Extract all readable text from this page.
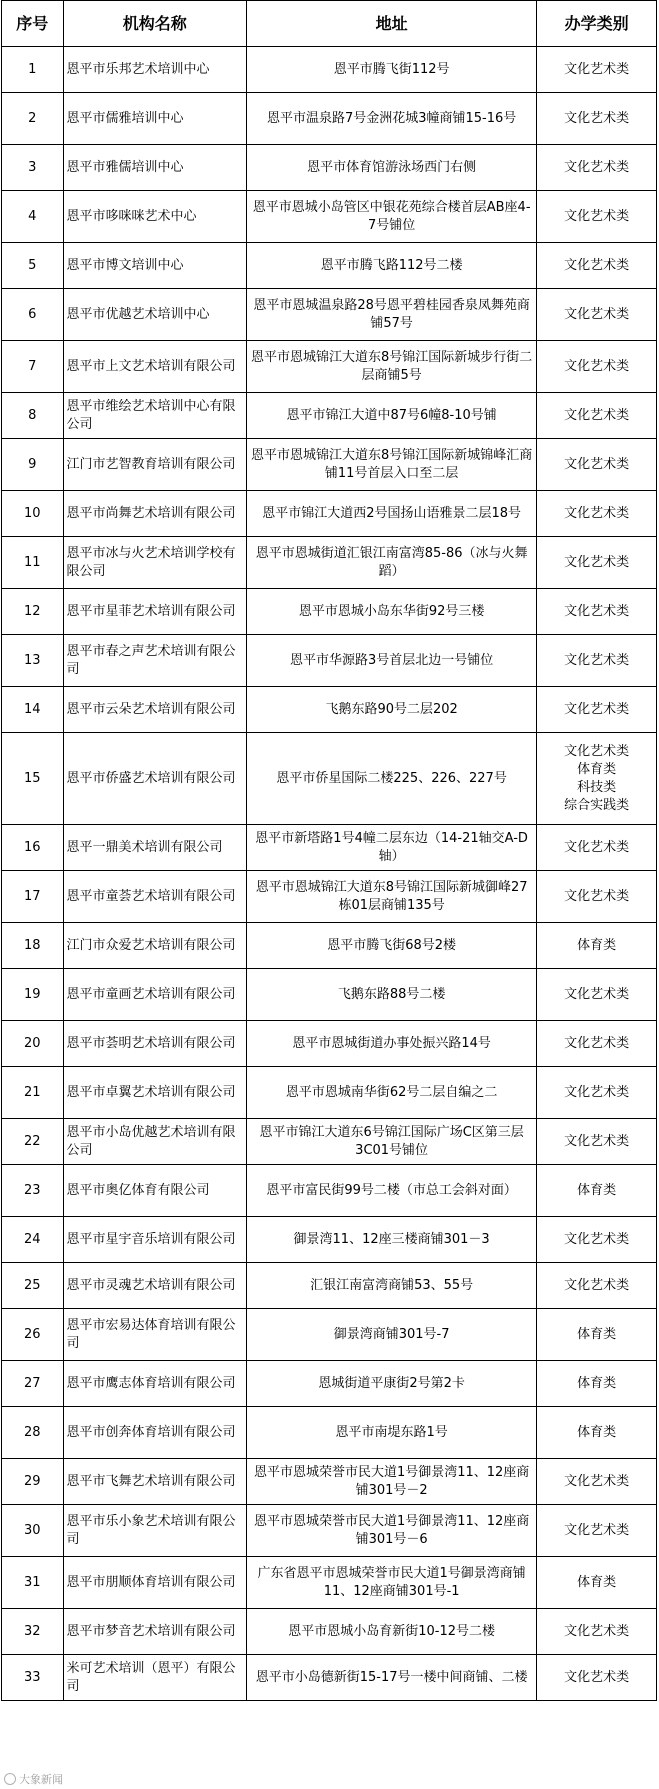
序号	机构名称	地址	办学类别
1	恩平市乐邦艺术培训中心	恩平市腾飞街112号	文化艺术类

2	恩平市儒雅培训中心	恩平市温泉路7号金洲花城3幢商铺15-16号	文化艺术类

3	恩平市雅儒培训中心	恩平市体育馆游泳场西门右侧	文化艺术类

4	恩平市哆咪咪艺术中心	恩平市恩城小岛管区中银花苑综合楼首层AB座4-7号铺位	文化艺术类

5	恩平市博文培训中心	恩平市腾飞路112号二楼	文化艺术类

6	恩平市优越艺术培训中心	恩平市恩城温泉路28号恩平碧桂园香泉凤舞苑商铺57号	文化艺术类

7	恩平市上文艺术培训有限公司	恩平市恩城锦江大道东8号锦江国际新城步行街二层商铺5号	文化艺术类

8	恩平市维绘艺术培训中心有限公司	恩平市锦江大道中87号6幢8-10号铺	文化艺术类

9	江门市艺智教育培训有限公司	恩平市恩城锦江大道东8号锦江国际新城锦峰汇商铺11号首层入口至二层	文化艺术类

10	恩平市尚舞艺术培训有限公司	恩平市锦江大道西2号国扬山语雅景二层18号	文化艺术类

11	恩平市冰与火艺术培训学校有限公司	恩平市恩城街道汇银江南富湾85-86（冰与火舞蹈）	文化艺术类

12	恩平市星菲艺术培训有限公司	恩平市恩城小岛东华街92号三楼	文化艺术类

13	恩平市春之声艺术培训有限公司	恩平市华源路3号首层北边一号铺位	文化艺术类

14	恩平市云朵艺术培训有限公司	飞鹅东路90号二层202	文化艺术类

15	恩平市侨盛艺术培训有限公司	恩平市侨星国际二楼225、226、227号	文化艺术类
体育类
科技类
综合实践类

16	恩平一鼎美术培训有限公司	恩平市新塔路1号4幢二层东边（14-21轴交A-D轴）	文化艺术类

17	恩平市童荟艺术培训有限公司	恩平市恩城锦江大道东8号锦江国际新城御峰27栋01层商铺135号	文化艺术类

18	江门市众爱艺术培训有限公司	恩平市腾飞街68号2楼	体育类

19	恩平市童画艺术培训有限公司	飞鹅东路88号二楼	文化艺术类

20	恩平市荟明艺术培训有限公司	恩平市恩城街道办事处振兴路14号	文化艺术类

21	恩平市卓翼艺术培训有限公司	恩平市恩城南华街62号二层自编之二	文化艺术类

22	恩平市小岛优越艺术培训有限公司	恩平市锦江大道东6号锦江国际广场C区第三层3C01号铺位	文化艺术类

23	恩平市奥亿体育有限公司	恩平市富民街99号二楼（市总工会斜对面）	体育类

24	恩平市星宇音乐培训有限公司	御景湾11、12座三楼商铺301－3	文化艺术类

25	恩平市灵魂艺术培训有限公司	汇银江南富湾商铺53、55号	文化艺术类

26	恩平市宏易达体育培训有限公司	御景湾商铺301号-7	体育类

27	恩平市鹰志体育培训有限公司	恩城街道平康街2号第2卡	体育类

28	恩平市创奔体育培训有限公司	恩平市南堤东路1号	体育类

29	恩平市飞舞艺术培训有限公司	恩平市恩城荣誉市民大道1号御景湾11、12座商铺301号－2	文化艺术类

30	恩平市乐小象艺术培训有限公司	恩平市恩城荣誉市民大道1号御景湾11、12座商铺301号－6	文化艺术类

31	恩平市朋顺体育培训有限公司	广东省恩平市恩城荣誉市民大道1号御景湾商铺11、12座商铺301号-1	体育类

32	恩平市梦音艺术培训有限公司	恩平市恩城小岛育新街10-12号二楼	文化艺术类

33	米可艺术培训（恩平）有限公司	恩平市小岛德新街15-17号一楼中间商铺、二楼	文化艺术类
大象新闻
